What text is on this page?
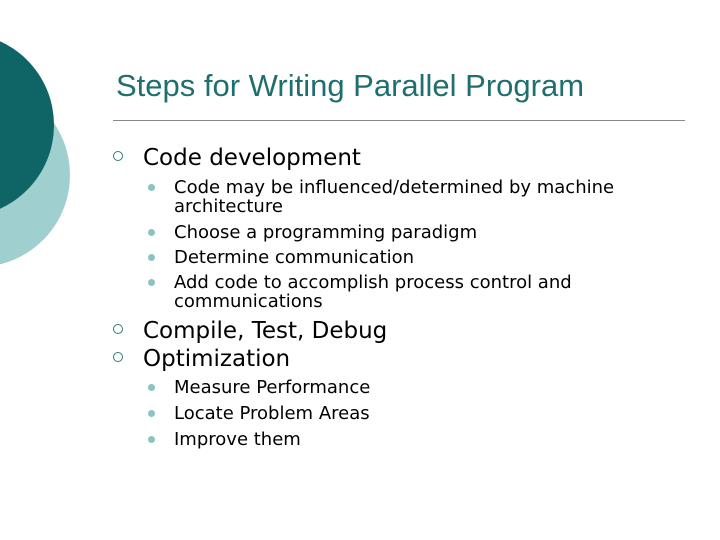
Steps for Writing Parallel Program
Code development
Code may be influenced/determined by machine architecture
Choose a programming paradigm
Determine communication
Add code to accomplish process control and communications
Compile, Test, Debug
Optimization
Measure Performance
Locate Problem Areas
Improve them
